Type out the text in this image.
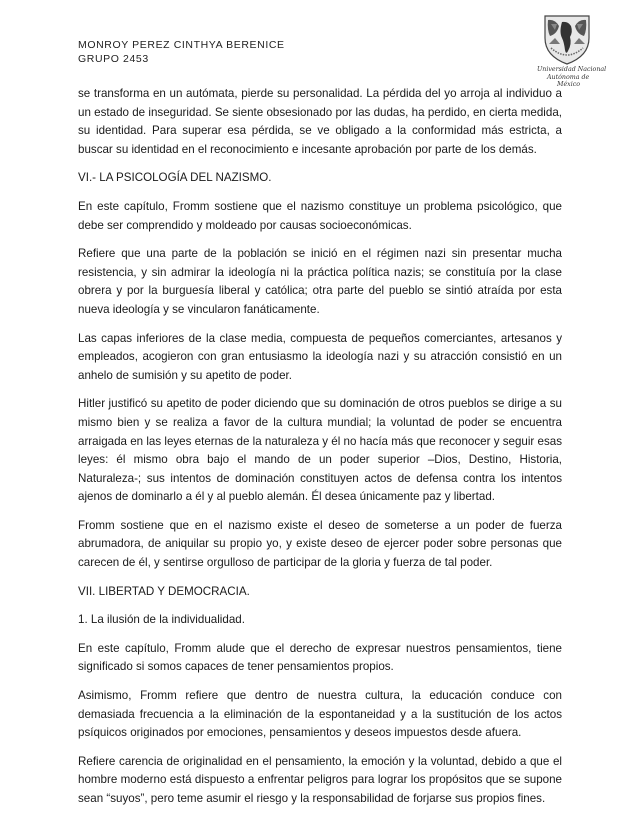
MONROY PEREZ CINTHYA BERENICE
GRUPO 2453
Universidad Nacional
Autónoma de
México

se transforma en un autómata, pierde su personalidad. La pérdida del yo arroja al individuo a un estado de inseguridad. Se siente obsesionado por las dudas, ha perdido, en cierta medida, su identidad. Para superar esa pérdida, se ve obligado a la conformidad más estricta, a buscar su identidad en el reconocimiento e incesante aprobación por parte de los demás.

VI.- LA PSICOLOGÍA DEL NAZISMO.

En este capítulo, Fromm sostiene que el nazismo constituye un problema psicológico, que debe ser comprendido y moldeado por causas socioeconómicas.

Refiere que una parte de la población se inició en el régimen nazi sin presentar mucha resistencia, y sin admirar la ideología ni la práctica política nazis; se constituía por la clase obrera y por la burguesía liberal y católica; otra parte del pueblo se sintió atraída por esta nueva ideología y se vincularon fanáticamente.

Las capas inferiores de la clase media, compuesta de pequeños comerciantes, artesanos y empleados, acogieron con gran entusiasmo la ideología nazi y su atracción consistió en un anhelo de sumisión y su apetito de poder.

Hitler justificó su apetito de poder diciendo que su dominación de otros pueblos se dirige a su mismo bien y se realiza a favor de la cultura mundial; la voluntad de poder se encuentra arraigada en las leyes eternas de la naturaleza y él no hacía más que reconocer y seguir esas leyes: él mismo obra bajo el mando de un poder superior –Dios, Destino, Historia, Naturaleza-; sus intentos de dominación constituyen actos de defensa contra los intentos ajenos de dominarlo a él y al pueblo alemán. Él desea únicamente paz y libertad.

Fromm sostiene que en el nazismo existe el deseo de someterse a un poder de fuerza abrumadora, de aniquilar su propio yo, y existe deseo de ejercer poder sobre personas que carecen de él, y sentirse orgulloso de participar de la gloria y fuerza de tal poder.

VII. LIBERTAD Y DEMOCRACIA.

1. La ilusión de la individualidad.

En este capítulo, Fromm alude que el derecho de expresar nuestros pensamientos, tiene significado si somos capaces de tener pensamientos propios.

Asimismo, Fromm refiere que dentro de nuestra cultura, la educación conduce con demasiada frecuencia a la eliminación de la espontaneidad y a la sustitución de los actos psíquicos originados por emociones, pensamientos y deseos impuestos desde afuera.

Refiere carencia de originalidad en el pensamiento, la emoción y la voluntad, debido a que el hombre moderno está dispuesto a enfrentar peligros para lograr los propósitos que se supone sean “suyos”, pero teme asumir el riesgo y la responsabilidad de forjarse sus propios fines.
